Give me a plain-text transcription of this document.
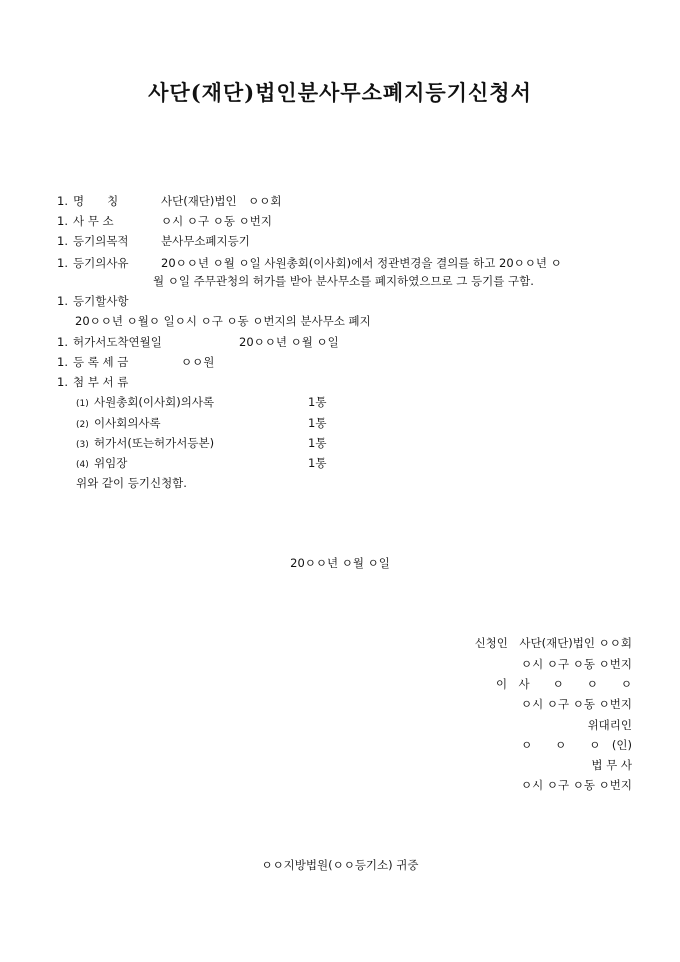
사단(재단)법인분사무소폐지등기신청서
1. 명　　칭	사단(재단)법인　ㅇㅇ회
1. 사 무 소	ㅇ시 ㅇ구 ㅇ동 ㅇ번지
1. 등기의목적	분사무소폐지등기
1. 등기의사유	20ㅇㅇ년 ㅇ월 ㅇ일 사원총회(이사회)에서 정관변경을 결의를 하고 20ㅇㅇ년 ㅇ
월 ㅇ일 주무관청의 허가를 받아 분사무소를 폐지하였으므로 그 등기를 구함.
1. 등기할사항
20ㅇㅇ년 ㅇ월ㅇ 일ㅇ시 ㅇ구 ㅇ동 ㅇ번지의 분사무소 폐지
1. 허가서도착연월일	20ㅇㅇ년 ㅇ월 ㅇ일
1. 등 록 세 금	ㅇㅇ원
1. 첨 부 서 류
(1) 사원총회(이사회)의사록	1통
(2) 이사회의사록	1통
(3) 허가서(또는허가서등본)	1통
(4) 위임장	1통
위와 같이 등기신청함.
20ㅇㅇ년 ㅇ월 ㅇ일
신청인　사단(재단)법인 ㅇㅇ회
ㅇ시 ㅇ구 ㅇ동 ㅇ번지
이　사　　ㅇ　　ㅇ　　ㅇ
ㅇ시 ㅇ구 ㅇ동 ㅇ번지
위대리인
ㅇ　　ㅇ　　ㅇ　(인)
법 무 사
ㅇ시 ㅇ구 ㅇ동 ㅇ번지
ㅇㅇ지방법원(ㅇㅇ등기소) 귀중
